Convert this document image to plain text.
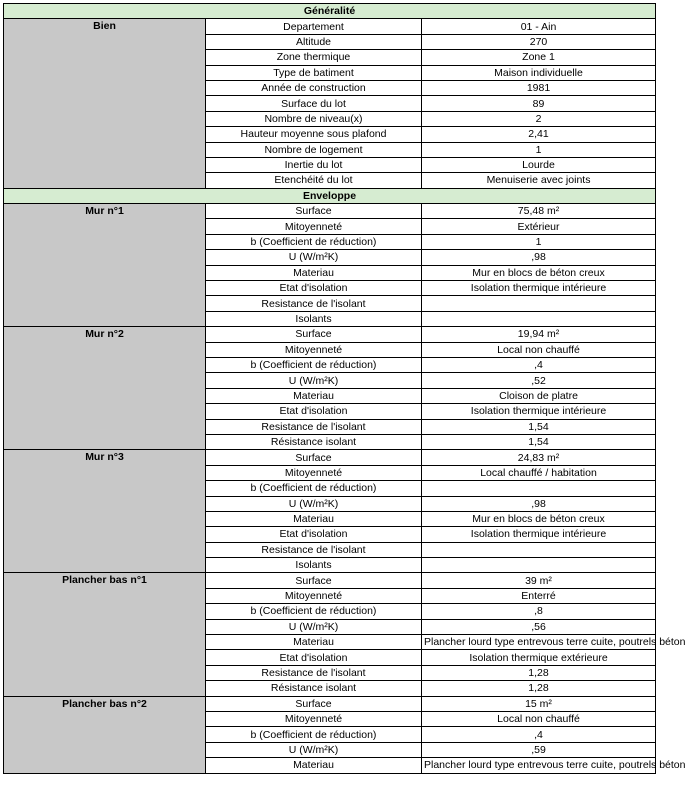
Généralité		
Bien	Departement	01 - Ain
	Altitude	270
	Zone thermique	Zone 1
	Type de batiment	Maison individuelle
	Année de construction	1981
	Surface du lot	89
	Nombre de niveau(x)	2
	Hauteur moyenne sous plafond	2,41
	Nombre de logement	1
	Inertie du lot	Lourde
	Etenchéité du lot	Menuiserie avec joints
Enveloppe		
Mur n°1	Surface	75,48 m²
	Mitoyenneté	Extérieur
	b (Coefficient de réduction)	1
	U (W/m²K)	,98
	Materiau	Mur en blocs de béton creux
	Etat d'isolation	Isolation thermique intérieure
	Resistance de l'isolant	
	Isolants	
Mur n°2	Surface	19,94 m²
	Mitoyenneté	Local non chauffé
	b (Coefficient de réduction)	,4
	U (W/m²K)	,52
	Materiau	Cloison de platre
	Etat d'isolation	Isolation thermique intérieure
	Resistance de l'isolant	1,54
	Résistance isolant	1,54
Mur n°3	Surface	24,83 m²
	Mitoyenneté	Local chauffé / habitation
	b (Coefficient de réduction)	
	U (W/m²K)	,98
	Materiau	Mur en blocs de béton creux
	Etat d'isolation	Isolation thermique intérieure
	Resistance de l'isolant	
	Isolants	
Plancher bas n°1	Surface	39 m²
	Mitoyenneté	Enterré
	b (Coefficient de réduction)	,8
	U (W/m²K)	,56
	Materiau	Plancher lourd type entrevous terre cuite, poutrels béton
	Etat d'isolation	Isolation thermique extérieure
	Resistance de l'isolant	1,28
	Résistance isolant	1,28
Plancher bas n°2	Surface	15 m²
	Mitoyenneté	Local non chauffé
	b (Coefficient de réduction)	,4
	U (W/m²K)	,59
	Materiau	Plancher lourd type entrevous terre cuite, poutrels béton
